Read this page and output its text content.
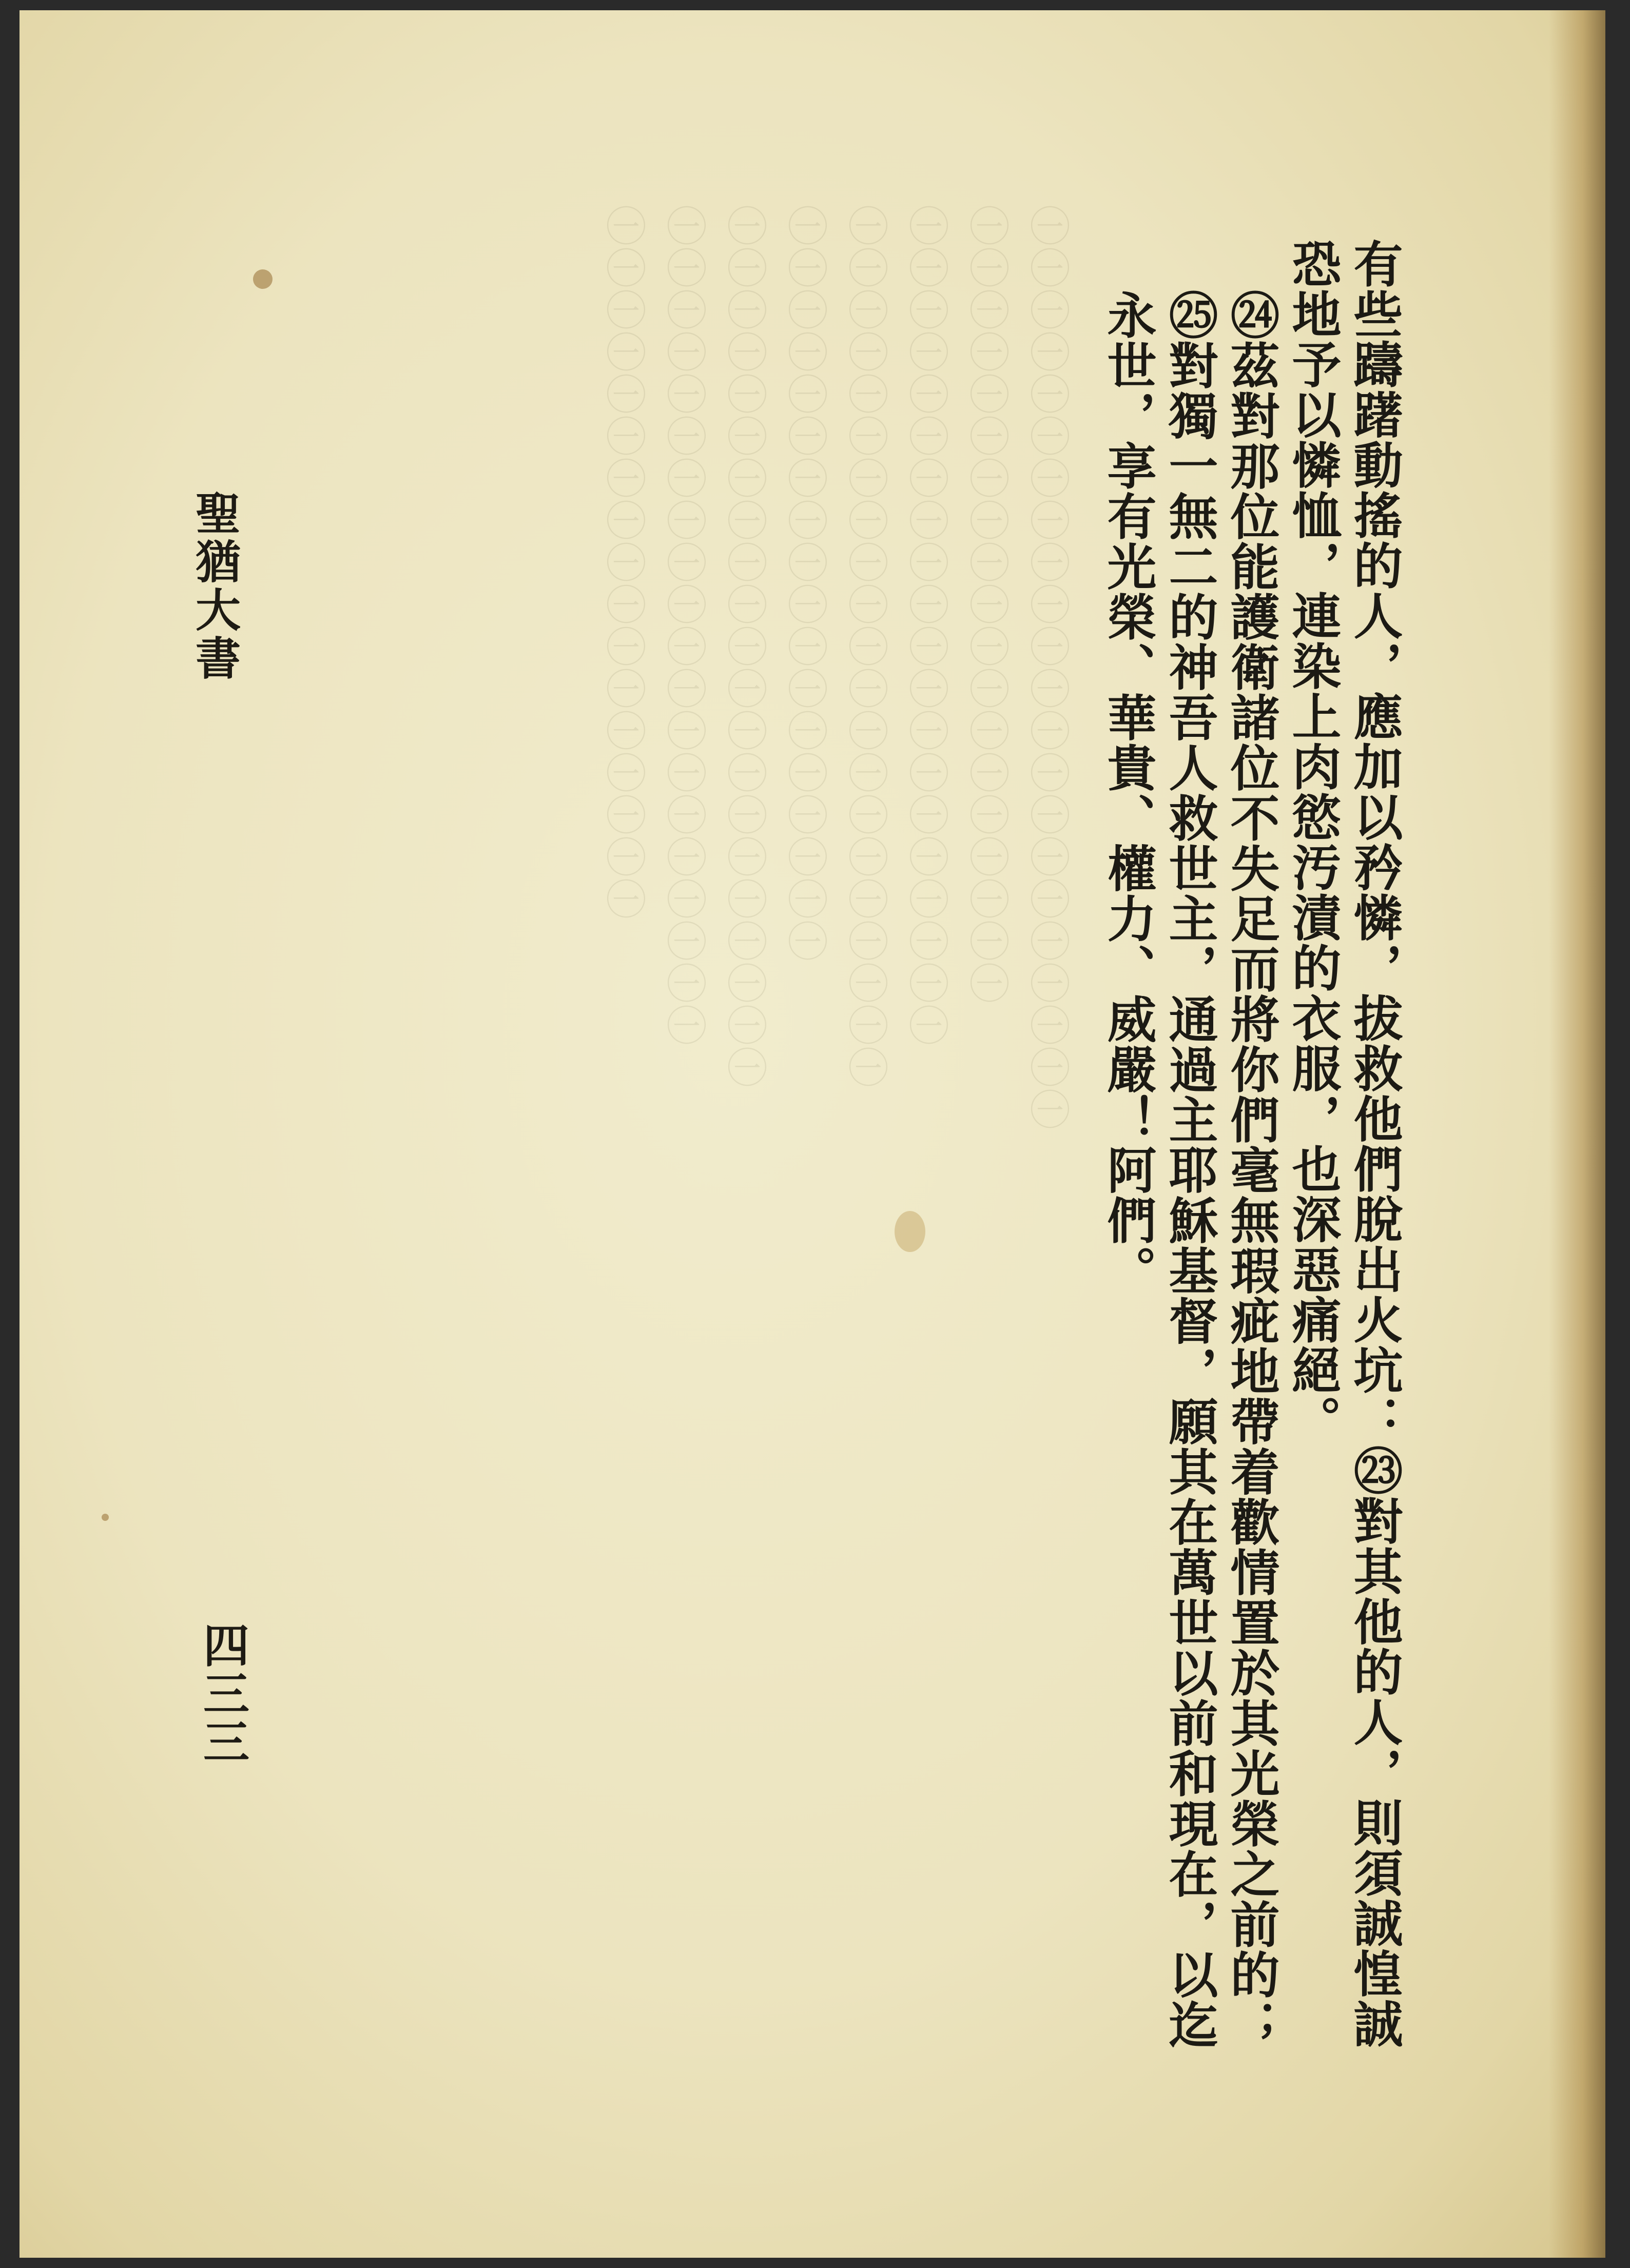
㊀㊀㊀㊀㊀㊀㊀㊀㊀㊀㊀㊀㊀㊀㊀㊀㊀㊀㊀㊀㊀㊀
㊀㊀㊀㊀㊀㊀㊀㊀㊀㊀㊀㊀㊀㊀㊀㊀㊀㊀㊀
㊀㊀㊀㊀㊀㊀㊀㊀㊀㊀㊀㊀㊀㊀㊀㊀㊀㊀㊀㊀
㊀㊀㊀㊀㊀㊀㊀㊀㊀㊀㊀㊀㊀㊀㊀㊀㊀㊀㊀㊀㊀
㊀㊀㊀㊀㊀㊀㊀㊀㊀㊀㊀㊀㊀㊀㊀㊀㊀㊀
㊀㊀㊀㊀㊀㊀㊀㊀㊀㊀㊀㊀㊀㊀㊀㊀㊀㊀㊀㊀㊀
㊀㊀㊀㊀㊀㊀㊀㊀㊀㊀㊀㊀㊀㊀㊀㊀㊀㊀㊀㊀
㊀㊀㊀㊀㊀㊀㊀㊀㊀㊀㊀㊀㊀㊀㊀㊀㊀	有些躊躇動搖的人，應加以矜憐，拔救他們脫出火坑：㉓對其他的人，則須誠惶誠恐地予以憐恤，連染上肉慾汚漬的衣服，也深惡痛絕。

㉔茲對那位能護衛諸位不失足而將你們毫無瑕疵地帶着歡情置於其光榮之前的；㉕對獨一無二的神吾人救世主，通過主耶穌基督，願其在萬世以前和現在，以迄永世，享有光榮、華貴、權力、威嚴！阿們。

聖猶大書
四三三
